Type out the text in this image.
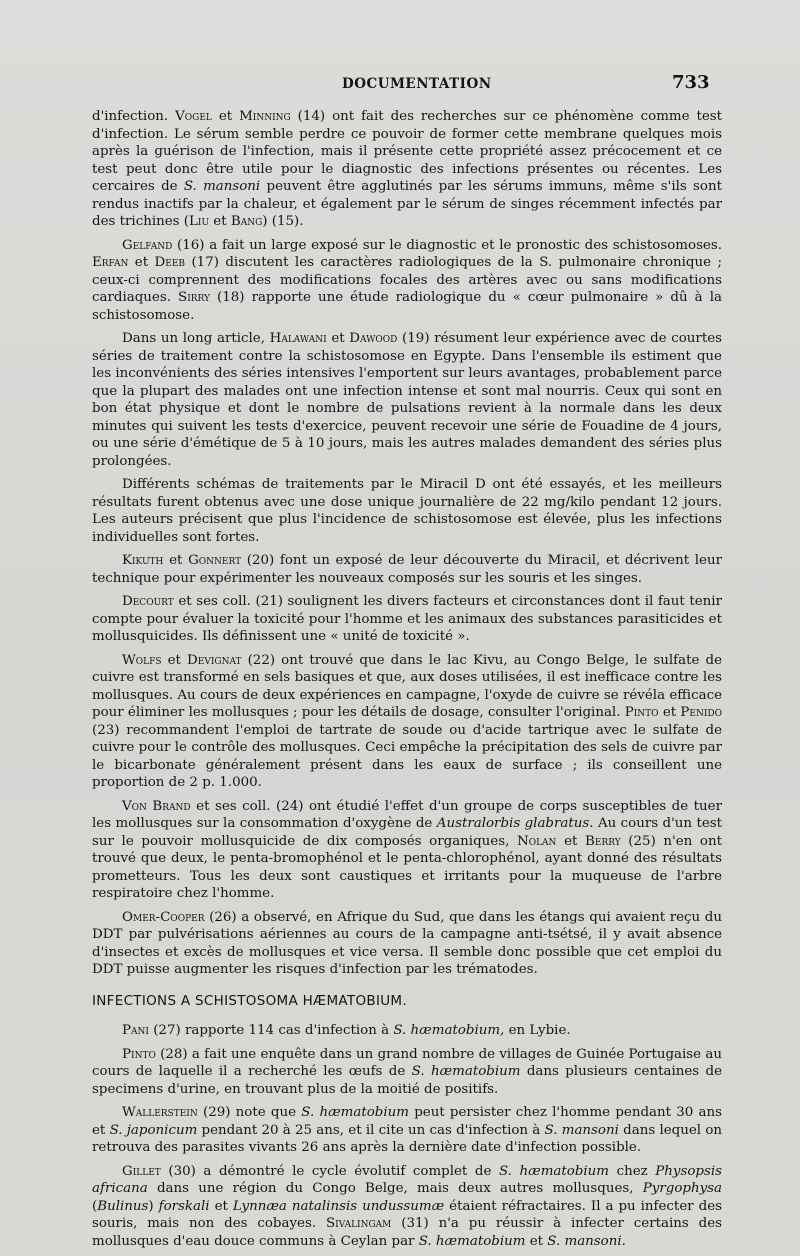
DOCUMENTATION	733

d'infection. Vogel et Minning (14) ont fait des recherches sur ce phénomène comme test d'infection. Le sérum semble perdre ce pouvoir de former cette membrane quelques mois après la guérison de l'infection, mais il présente cette propriété assez précocement et ce test peut donc être utile pour le diagnostic des infections présentes ou récentes. Les cercaires de S. mansoni peuvent être agglutinés par les sérums immuns, même s'ils sont rendus inactifs par la chaleur, et également par le sérum de singes récemment infectés par des trichines (Liu et Bang) (15).

Gelfand (16) a fait un large exposé sur le diagnostic et le pronostic des schistosomoses. Erfan et Deeb (17) discutent les caractères radiologiques de la S. pulmonaire chronique ; ceux-ci comprennent des modifications focales des artères avec ou sans modifications cardiaques. Sirry (18) rapporte une étude radiologique du « cœur pulmonaire » dû à la schistosomose.

Dans un long article, Halawani et Dawood (19) résument leur expérience avec de courtes séries de traitement contre la schistosomose en Egypte. Dans l'ensemble ils estiment que les inconvénients des séries intensives l'emportent sur leurs avantages, probablement parce que la plupart des malades ont une infection intense et sont mal nourris. Ceux qui sont en bon état physique et dont le nombre de pulsations revient à la normale dans les deux minutes qui suivent les tests d'exercice, peuvent recevoir une série de Fouadine de 4 jours, ou une série d'émétique de 5 à 10 jours, mais les autres malades demandent des séries plus prolongées.

Différents schémas de traitements par le Miracil D ont été essayés, et les meilleurs résultats furent obtenus avec une dose unique journalière de 22 mg/kilo pendant 12 jours. Les auteurs précisent que plus l'incidence de schistosomose est élevée, plus les infections individuelles sont fortes.

Kikuth et Gonnert (20) font un exposé de leur découverte du Miracil, et décrivent leur technique pour expérimenter les nouveaux composés sur les souris et les singes.

Decourt et ses coll. (21) soulignent les divers facteurs et circonstances dont il faut tenir compte pour évaluer la toxicité pour l'homme et les animaux des substances parasiticides et mollusquicides. Ils définissent une « unité de toxicité ».

Wolfs et Devignat (22) ont trouvé que dans le lac Kivu, au Congo Belge, le sulfate de cuivre est transformé en sels basiques et que, aux doses utilisées, il est inefficace contre les mollusques. Au cours de deux expériences en campagne, l'oxyde de cuivre se révéla efficace pour éliminer les mollusques ; pour les détails de dosage, consulter l'original. Pinto et Penido (23) recommandent l'emploi de tartrate de soude ou d'acide tartrique avec le sulfate de cuivre pour le contrôle des mollusques. Ceci empêche la précipitation des sels de cuivre par le bicarbonate généralement présent dans les eaux de surface ; ils conseillent une proportion de 2 p. 1.000.

Von Brand et ses coll. (24) ont étudié l'effet d'un groupe de corps susceptibles de tuer les mollusques sur la consommation d'oxygène de Australorbis glabratus. Au cours d'un test sur le pouvoir mollusquicide de dix composés organiques, Nolan et Berry (25) n'en ont trouvé que deux, le penta-bromophénol et le penta-chlorophénol, ayant donné des résultats prometteurs. Tous les deux sont caustiques et irritants pour la muqueuse de l'arbre respiratoire chez l'homme.

Omer-Cooper (26) a observé, en Afrique du Sud, que dans les étangs qui avaient reçu du DDT par pulvérisations aériennes au cours de la campagne anti-tsétsé, il y avait absence d'insectes et excès de mollusques et vice versa. Il semble donc possible que cet emploi du DDT puisse augmenter les risques d'infection par les trématodes.

INFECTIONS A SCHISTOSOMA HÆMATOBIUM.

Pani (27) rapporte 114 cas d'infection à S. hæmatobium, en Lybie.

Pinto (28) a fait une enquête dans un grand nombre de villages de Guinée Portugaise au cours de laquelle il a recherché les œufs de S. hæmatobium dans plusieurs centaines de specimens d'urine, en trouvant plus de la moitié de positifs.

Wallerstein (29) note que S. hæmatobium peut persister chez l'homme pendant 30 ans et S. japonicum pendant 20 à 25 ans, et il cite un cas d'infection à S. mansoni dans lequel on retrouva des parasites vivants 26 ans après la dernière date d'infection possible.

Gillet (30) a démontré le cycle évolutif complet de S. hæmatobium chez Physopsis africana dans une région du Congo Belge, mais deux autres mollusques, Pyrgophysa (Bulinus) forskali et Lynnæa natalinsis undussumæ étaient réfractaires. Il a pu infecter des souris, mais non des cobayes. Sivalingam (31) n'a pu réussir à infecter certains des mollusques d'eau douce communs à Ceylan par S. hæmatobium et S. mansoni.
